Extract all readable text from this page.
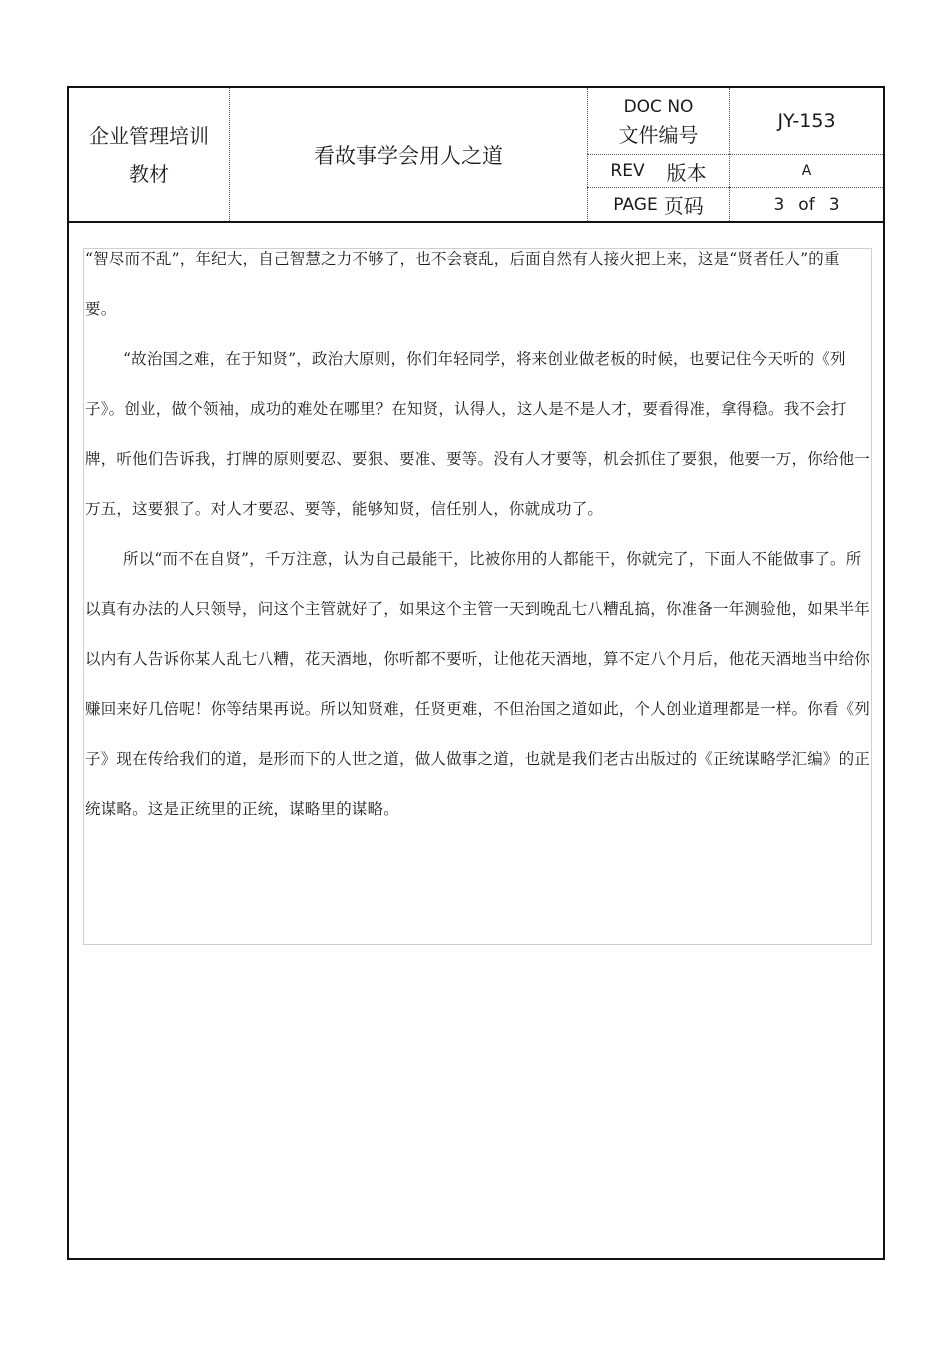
企业管理培训
教材
看故事学会用人之道
DOC NO
文件编号
JY-153
REV 版本	A
PAGE 页码	3 of 3

“智尽而不乱”，年纪大，自己智慧之力不够了，也不会衰乱，后面自然有人接火把上来，这是“贤者任人”的重要。

“故治国之难，在于知贤”，政治大原则，你们年轻同学，将来创业做老板的时候，也要记住今天听的《列子》。创业，做个领袖，成功的难处在哪里？在知贤，认得人，这人是不是人才，要看得准，拿得稳。我不会打牌，听他们告诉我，打牌的原则要忍、要狠、要准、要等。没有人才要等，机会抓住了要狠，他要一万，你给他一万五，这要狠了。对人才要忍、要等，能够知贤，信任别人，你就成功了。

所以“而不在自贤”，千万注意，认为自己最能干，比被你用的人都能干，你就完了，下面人不能做事了。所以真有办法的人只领导，问这个主管就好了，如果这个主管一天到晚乱七八糟乱搞，你准备一年测验他，如果半年以内有人告诉你某人乱七八糟，花天酒地，你听都不要听，让他花天酒地，算不定八个月后，他花天酒地当中给你赚回来好几倍呢！你等结果再说。所以知贤难，任贤更难，不但治国之道如此，个人创业道理都是一样。你看《列子》现在传给我们的道，是形而下的人世之道，做人做事之道，也就是我们老古出版过的《正统谋略学汇编》的正统谋略。这是正统里的正统，谋略里的谋略。
